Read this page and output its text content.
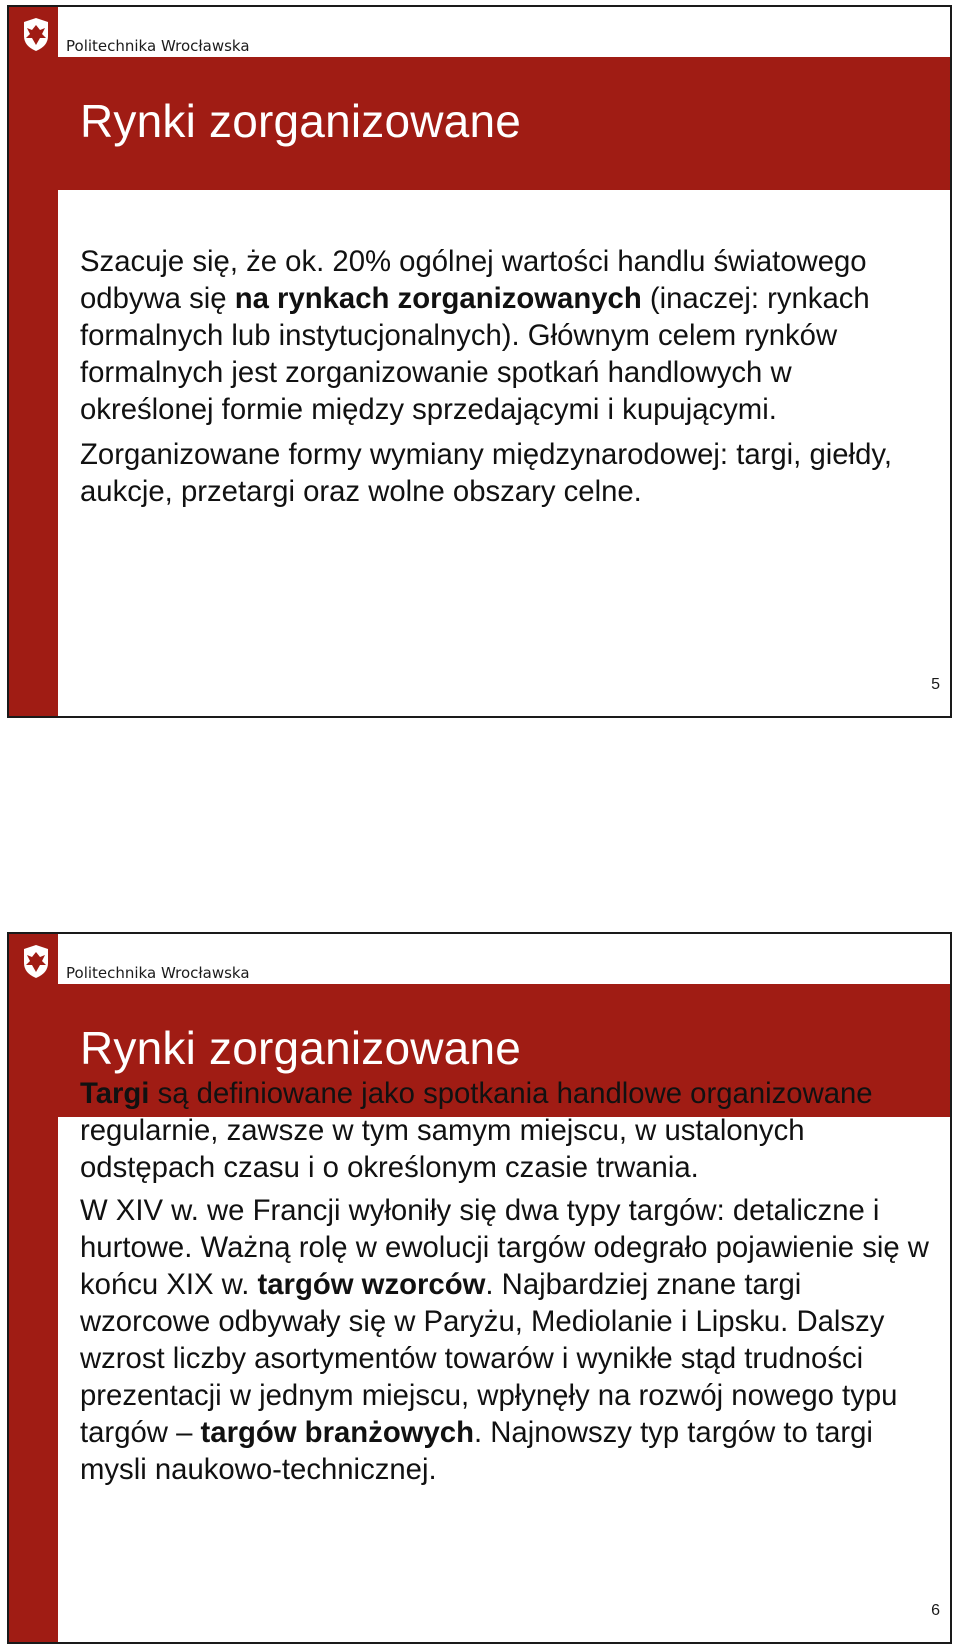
Politechnika Wrocławska
Rynki zorganizowane

Szacuje się, że ok. 20% ogólnej wartości handlu światowego odbywa się na rynkach zorganizowanych (inaczej: rynkach formalnych lub instytucjonalnych). Głównym celem rynków formalnych jest zorganizowanie spotkań handlowych w określonej formie między sprzedającymi i kupującymi.

Zorganizowane formy wymiany międzynarodowej: targi, giełdy, aukcje, przetargi oraz wolne obszary celne.

5
Politechnika Wrocławska
Rynki zorganizowane

Targi są definiowane jako spotkania handlowe organizowane regularnie, zawsze w tym samym miejscu, w ustalonych odstępach czasu i o określonym czasie trwania.

W XIV w. we Francji wyłoniły się dwa typy targów: detaliczne i hurtowe. Ważną rolę w ewolucji targów odegrało pojawienie się w końcu XIX w. targów wzorców. Najbardziej znane targi wzorcowe odbywały się w Paryżu, Mediolanie i Lipsku. Dalszy wzrost liczby asortymentów towarów i wynikłe stąd trudności prezentacji w jednym miejscu, wpłynęły na rozwój nowego typu targów – targów branżowych. Najnowszy typ targów to targi mysli naukowo-technicznej.

6
